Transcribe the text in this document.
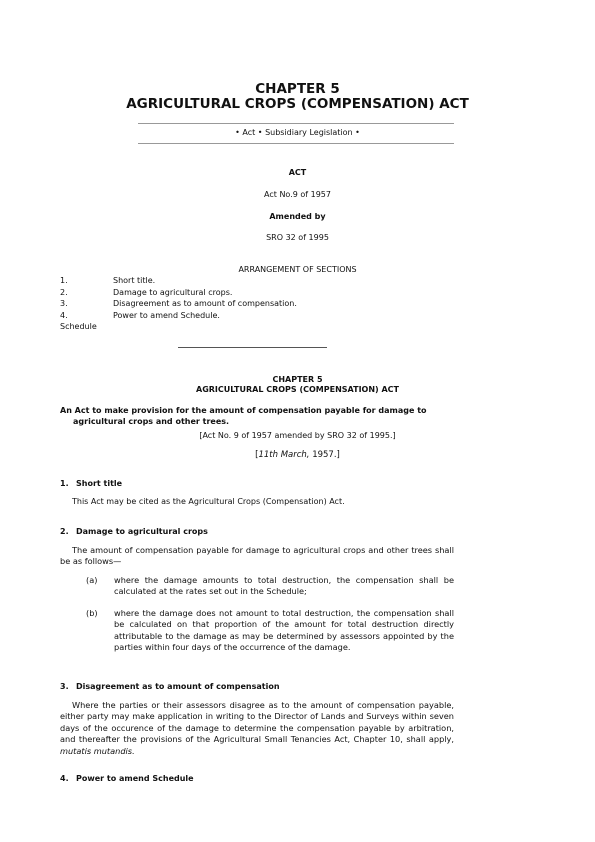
CHAPTER 5
AGRICULTURAL CROPS (COMPENSATION) ACT
• Act • Subsidiary Legislation •
ACT
Act No.9 of 1957
Amended by
SRO 32 of 1995
ARRANGEMENT OF SECTIONS
1.	Short title.
2.	Damage to agricultural crops.
3.	Disagreement as to amount of compensation.
4.	Power to amend Schedule.
Schedule
CHAPTER 5
AGRICULTURAL CROPS (COMPENSATION) ACT
An Act to make provision for the amount of compensation payable for damage to agricultural crops and other trees.
[Act No. 9 of 1957 amended by SRO 32 of 1995.]
[11th March, 1957.]
1. Short title
This Act may be cited as the Agricultural Crops (Compensation) Act.
2. Damage to agricultural crops
The amount of compensation payable for damage to agricultural crops and other trees shall be as follows—
(a) where the damage amounts to total destruction, the compensation shall be calculated at the rates set out in the Schedule;
(b) where the damage does not amount to total destruction, the compensation shall be calculated on that proportion of the amount for total destruction directly attributable to the damage as may be determined by assessors appointed by the parties within four days of the occurrence of the damage.
3. Disagreement as to amount of compensation
Where the parties or their assessors disagree as to the amount of compensation payable, either party may make application in writing to the Director of Lands and Surveys within seven days of the occurence of the damage to determine the compensation payable by arbitration, and thereafter the provisions of the Agricultural Small Tenancies Act, Chapter 10, shall apply, mutatis mutandis.
4. Power to amend Schedule
